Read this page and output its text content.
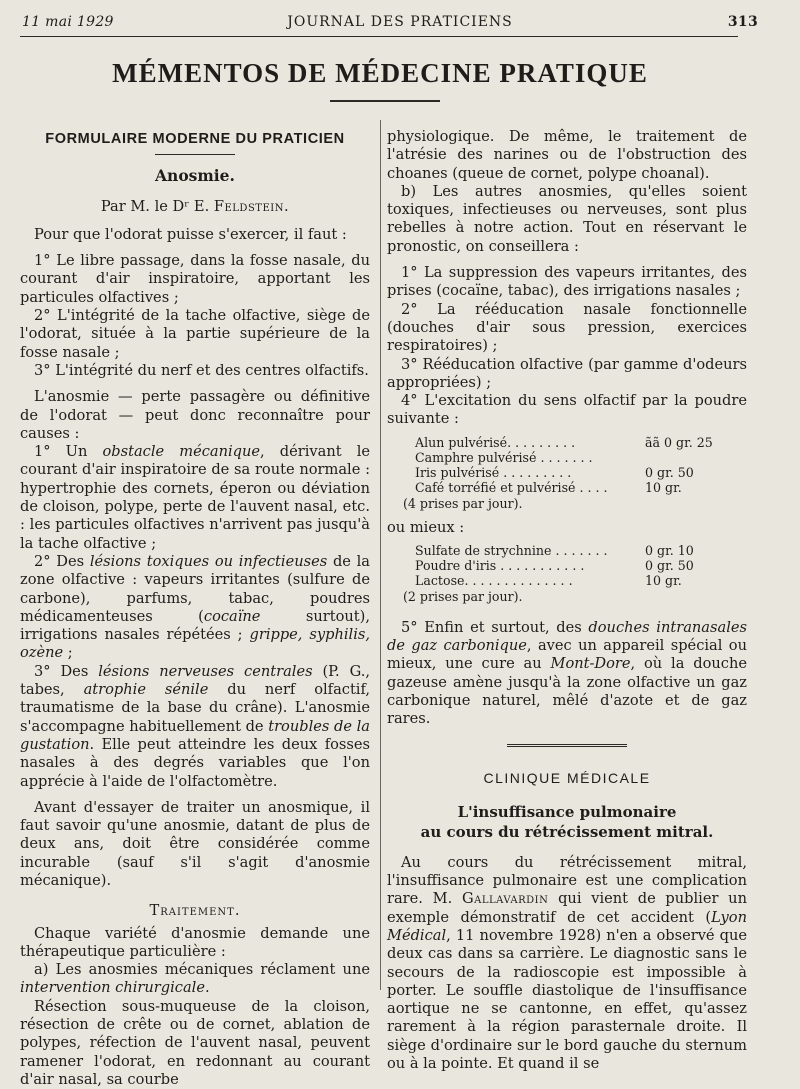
11 mai 1929	JOURNAL DES PRATICIENS	313
MÉMENTOS DE MÉDECINE PRATIQUE
FORMULAIRE MODERNE DU PRATICIEN
Anosmie.
Par M. le Dʳ E. Feldstein.

Pour que l'odorat puisse s'exercer, il faut :

1° Le libre passage, dans la fosse nasale, du courant d'air inspiratoire, apportant les particules olfactives ;

2° L'intégrité de la tache olfactive, siège de l'odorat, située à la partie supérieure de la fosse nasale ;

3° L'intégrité du nerf et des centres olfactifs.

L'anosmie — perte passagère ou définitive de l'odorat — peut donc reconnaître pour causes :

1° Un obstacle mécanique, dérivant le courant d'air inspiratoire de sa route normale : hypertrophie des cornets, éperon ou déviation de cloison, polype, perte de l'auvent nasal, etc. : les particules olfactives n'arrivent pas jusqu'à la tache olfactive ;

2° Des lésions toxiques ou infectieuses de la zone olfactive : vapeurs irritantes (sulfure de carbone), parfums, tabac, poudres médicamenteuses (cocaïne surtout), irrigations nasales répétées ; grippe, syphilis, ozène ;

3° Des lésions nerveuses centrales (P. G., tabes, atrophie sénile du nerf olfactif, traumatisme de la base du crâne). L'anosmie s'accompagne habituellement de troubles de la gustation. Elle peut atteindre les deux fosses nasales à des degrés variables que l'on apprécie à l'aide de l'olfactomètre.

Avant d'essayer de traiter un anosmique, il faut savoir qu'une anosmie, datant de plus de deux ans, doit être considérée comme incurable (sauf s'il s'agit d'anosmie mécanique).

Traitement.

Chaque variété d'anosmie demande une thérapeutique particulière :

a) Les anosmies mécaniques réclament une intervention chirurgicale.

Résection sous-muqueuse de la cloison, résection de crête ou de cornet, ablation de polypes, réfection de l'auvent nasal, peuvent ramener l'odorat, en redonnant au courant d'air nasal, sa courbe

physiologique. De même, le traitement de l'atrésie des narines ou de l'obstruction des choanes (queue de cornet, polype choanal).

b) Les autres anosmies, qu'elles soient toxiques, infectieuses ou nerveuses, sont plus rebelles à notre action. Tout en réservant le pronostic, on conseillera :

1° La suppression des vapeurs irritantes, des prises (cocaïne, tabac), des irrigations nasales ;

2° La rééducation nasale fonctionnelle (douches d'air sous pression, exercices respiratoires) ;

3° Rééducation olfactive (par gamme d'odeurs appropriées) ;

4° L'excitation du sens olfactif par la poudre suivante :

Alun pulvérisé. . . . . . . . .	ãã 0 gr. 25
Camphre pulvérisé . . . . . . .	
Iris pulvérisé . . . . . . . . .	0 gr. 50
Café torréfié et pulvérisé . . . .	10 gr.
(4 prises par jour).

ou mieux :

Sulfate de strychnine . . . . . . .	0 gr. 10
Poudre d'iris . . . . . . . . . . .	0 gr. 50
Lactose. . . . . . . . . . . . . .	10 gr.
(2 prises par jour).

5° Enfin et surtout, des douches intranasales de gaz carbonique, avec un appareil spécial ou mieux, une cure au Mont-Dore, où la douche gazeuse amène jusqu'à la zone olfactive un gaz carbonique naturel, mêlé d'azote et de gaz rares.

CLINIQUE MÉDICALE
L'insuffisance pulmonaire
au cours du rétrécissement mitral.

Au cours du rétrécissement mitral, l'insuffisance pulmonaire est une complication rare. M. Gallavardin qui vient de publier un exemple démonstratif de cet accident (Lyon Médical, 11 novembre 1928) n'en a observé que deux cas dans sa carrière. Le diagnostic sans le secours de la radioscopie est impossible à porter. Le souffle diastolique de l'insuffisance aortique ne se cantonne, en effet, qu'assez rarement à la région parasternale droite. Il siège d'ordinaire sur le bord gauche du sternum ou à la pointe. Et quand il se
